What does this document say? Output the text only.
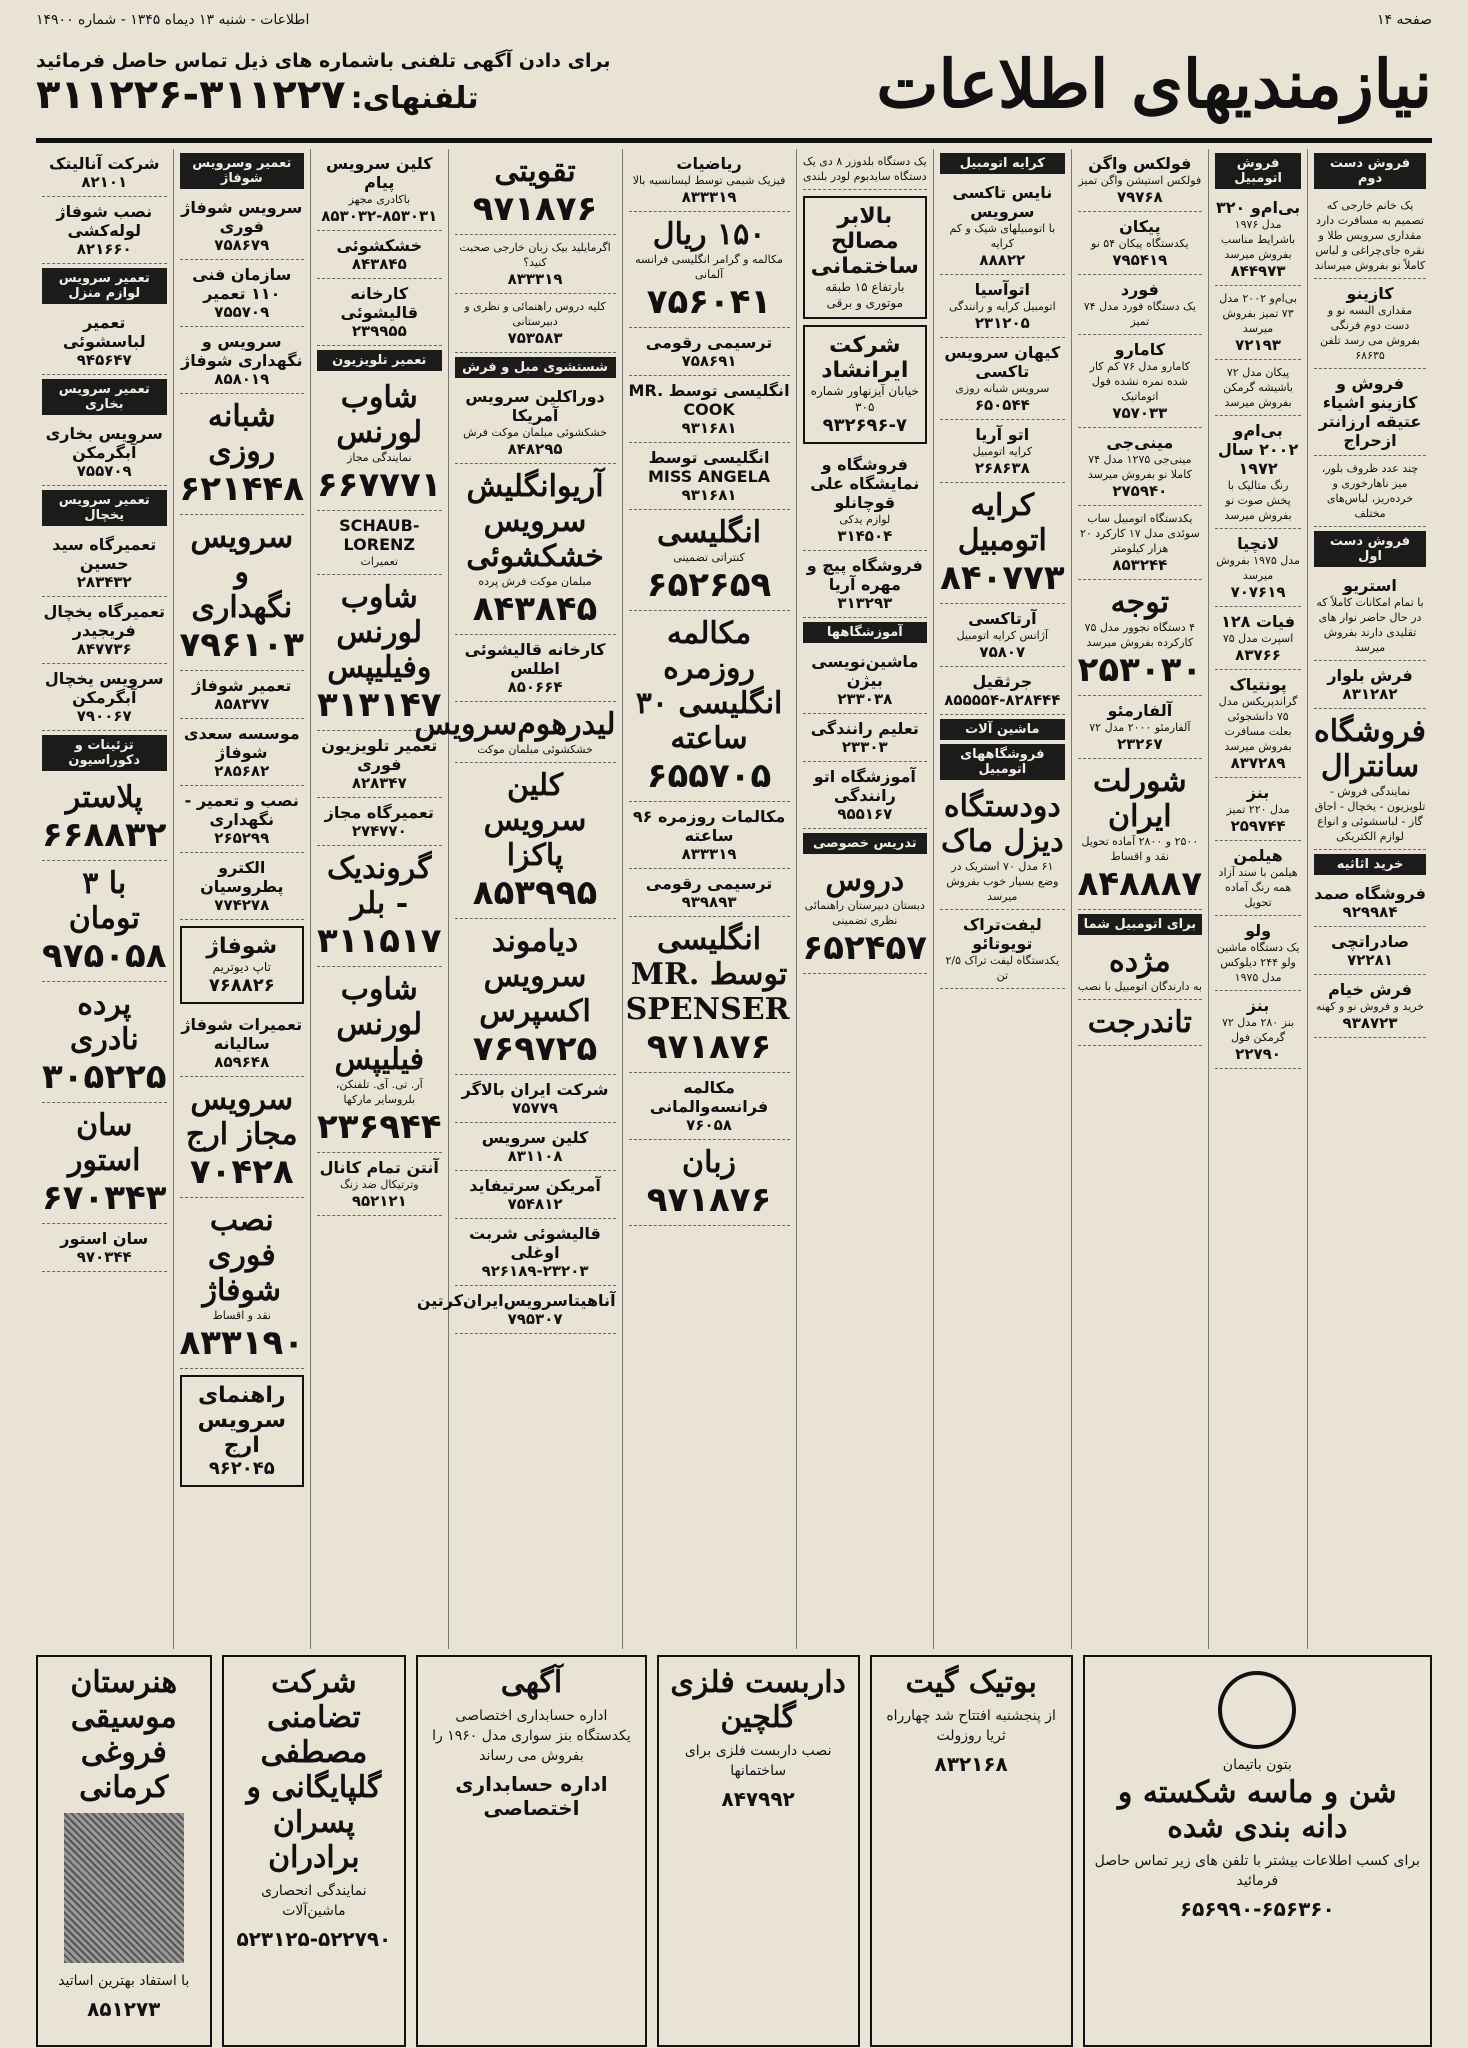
صفحه ۱۴
اطلاعات - شنبه ۱۳ دیماه ۱۳۴۵ - شماره ۱۴۹۰۰
نیازمندیهای اطلاعات
برای دادن آگهی تلفنی باشماره های ذیل تماس حاصل فرمائید
تلفنهای: ۳۱۱۲۲۶-۳۱۱۲۲۷
فروش دست دوم
یک خانم خارجی که تصمیم به مسافرت دارد مقداری سرویس طلا و نقره جای‌چراغی و لباس کاملاً نو بفروش میرساند
کازینو
مقداری البسه نو و دست دوم فرنگی بفروش می رسد تلفن ۶۸۶۳۵
فروش و کازینو اشیاء عتیقه ارزانتر ازحراج
چند عدد ظروف بلور، میز ناهارخوری و خرده‌ریز، لباس‌های مختلف
فروش دست اول
استریو
با تمام امکانات کاملاً که در حال حاضر نوار های تقلیدی دارند بفروش میرسد
فرش بلوار
۸۳۱۲۸۲
فروشگاه سانترال
نمایندگی فروش - تلویزیون - یخچال - اجاق گاز - لباسشوئی و انواع لوازم الکتریکی
خرید اثاثیه
فروشگاه صمد
۹۲۹۹۸۴
صادراتچی
۷۲۲۸۱
فرش خیام
خرید و فروش نو و کهنه
۹۳۸۷۲۳
فروش اتومبیل
بی‌ام‌و ۳۲۰
مدل ۱۹۷۶ باشرایط مناسب بفروش میرسد
۸۴۴۹۷۳
بی‌ام‌و ۲۰۰۲ مدل ۷۳ تمیز بفروش میرسد
۷۲۱۹۳
پیکان مدل ۷۲ باشیشه گرمکن بفروش میرسد
بی‌ام‌و ۲۰۰۲ سال ۱۹۷۲
رنگ متالیک با پخش صوت نو بفروش میرسد
لانچیا
مدل ۱۹۷۵ بفروش میرسد
۷۰۷۶۱۹
فیات ۱۲۸
اسپرت مدل ۷۵
۸۳۷۶۶
پونتیاک
گراندپریکس مدل ۷۵ دانشجوئی بعلت مسافرت بفروش میرسد
۸۳۷۲۸۹
بنز
مدل ۲۲۰ تمیز
۲۵۹۷۴۴
هیلمن
هیلمن با سند آزاد همه رنگ آماده تحویل
ولو
یک دستگاه ماشین ولو ۲۴۴ دیلوکس مدل ۱۹۷۵
بنز
بنز ۲۸۰ مدل ۷۲ گرمکن فول
۲۲۷۹۰
فولکس واگن
فولکس استیشن واگن تمیز
۷۹۷۶۸
پیکان
یکدستگاه پیکان ۵۴ نو
۷۹۵۴۱۹
فورد
یک دستگاه فورد مدل ۷۴ تمیز
کامارو
کامارو مدل ۷۶ کم کار شده نمره نشده فول اتوماتیک
۷۵۷۰۳۳
مینی‌جی
مینی‌جی ۱۲۷۵ مدل ۷۴ کاملا نو بفروش میرسد
۲۷۵۹۴۰
یکدستگاه اتومبیل ساب سوئدی مدل ۱۷ کارکرد ۲۰ هزار کیلومتر
۸۵۳۲۴۴
توجه
۴ دستگاه نجوور مدل ۷۵ کارکرده بفروش میرسد
۲۵۳۰۳۰
آلفارمئو
آلفارمئو ۲۰۰۰ مدل ۷۲
۲۳۲۶۷
شورلت ایران
۲۵۰۰ و ۲۸۰۰ آماده تحویل نقد و اقساط
۸۴۸۸۸۷
برای اتومبیل شما
مژده
به دارندگان اتومبیل با نصب
تاندرجت
کرایه اتومبیل
نایس تاکسی سرویس
با اتومبیلهای شیک و کم کرایه
۸۸۸۲۲
اتوآسیا
اتومبیل کرایه و رانندگی
۲۳۱۲۰۵
کیهان سرویس تاکسی
سرویس شبانه روزی
۶۵۰۵۴۴
اتو آریا
کرایه اتومبیل
۲۶۸۶۳۸
کرایه اتومبیل
۸۴۰۷۷۳
آرتاکسی
آژانس کرایه اتومبیل
۷۵۸۰۷
جرثقیل
۸۵۵۵۵۴-۸۲۸۴۴۴
ماشین آلات
فروشگاههای اتومبیل
دودستگاه دیزل ماک
۶۱ مدل ۷۰ استریک در وضع بسیار خوب بفروش میرسد
لیفت‌تراک تویوتائو
یکدستگاه لیفت تراک ۲/۵ تن
یک دستگاه بلدوزر ۸ دی یک دستگاه سایدبوم لودر بلندی
بالابر مصالح ساختمانی
بارتفاع ۱۵ طبقه موتوری و برقی
شرکت ایرانشاد
خیابان آیزنهاور شماره ۳۰۵
۹۳۲۶۹۶-۷
فروشگاه و نمایشگاه علی قوچانلو
لوازم یدکی
۳۱۴۵۰۴
فروشگاه پیچ و مهره آریا
۳۱۳۲۹۳
آموزشگاهها
ماشین‌نویسی بیژن
۲۳۳۰۳۸
تعلیم رانندگی
۲۳۳۰۳
آموزشگاه اتو رانندگی
۹۵۵۱۶۷
تدریس خصوصی
دروس
دبستان دبیرستان راهنمائی نظری تضمینی
۶۵۲۴۵۷
ریاضیات
فیزیک شیمی توسط لیسانسیه بالا
۸۳۳۳۱۹
۱۵۰ ریال
مکالمه و گرامر انگلیسی فرانسه آلمانی
۷۵۶۰۴۱
ترسیمی رقومی
۷۵۸۶۹۱
انگلیسی توسط MR. COOK
۹۳۱۶۸۱
انگلیسی توسط MISS ANGELA
۹۳۱۶۸۱
انگلیسی
کنتراتی تضمینی
۶۵۲۶۵۹
مکالمه روزمره انگلیسی ۳۰ ساعته
۶۵۵۷۰۵
مکالمات روزمره ۹۶ ساعته
۸۳۳۳۱۹
ترسیمی رقومی
۹۳۹۸۹۳
انگلیسی توسط MR. SPENSER
۹۷۱۸۷۶
مکالمه فرانسه‌والمانی
۷۶۰۵۸
زبان
۹۷۱۸۷۶
تقویتی
۹۷۱۸۷۶
اگرمایلید بیک زبان خارجی صحبت کنید؟
۸۳۳۳۱۹
کلیه دروس راهنمائی و نظری و دبیرستانی
۷۵۳۵۸۳
شستشوی مبل و فرش
دوراکلین سرویس آمریکا
خشکشوئی مبلمان موکت فرش
۸۴۸۲۹۵
آریوانگلیش سرویس خشکشوئی
مبلمان موکت فرش پرده
۸۴۳۸۴۵
کارخانه قالیشوئی اطلس
۸۵۰۶۶۴
لیدرهوم‌سرویس
خشکشوئی مبلمان موکت
کلین سرویس پاکزا
۸۵۳۹۹۵
دیاموند سرویس اکسپرس
۷۶۹۷۲۵
شرکت ایران بالاگر
۷۵۷۷۹
کلین سرویس
۸۳۱۱۰۸
آمریکن سرتیفاید
۷۵۴۸۱۲
قالیشوئی شربت اوغلی
۹۲۶۱۸۹-۲۳۲۰۳
آناهیتاسرویس‌ایران‌کرتین
۷۹۵۳۰۷
کلین سرویس پیام
باکادری مجهز
۸۵۳۰۳۲-۸۵۳۰۳۱
خشکشوئی
۸۴۳۸۴۵
کارخانه قالیشوئی
۲۳۹۹۵۵
تعمیر تلویزیون
شاوب لورنس
نمایندگی مجاز
۶۶۷۷۷۱
SCHAUB-LORENZ
تعمیرات
شاوب لورنس وفیلیپس
۳۱۳۱۴۷
تعمیر تلویزیون فوری
۸۲۸۳۴۷
تعمیرگاه مجاز
۲۷۴۷۷۰
گروندیک - بلر
۳۱۱۵۱۷
شاوب لورنس فیلیپس
آر. تی. آی. تلفنکن، بلروسایر مارکها
۲۳۶۹۴۴
آنتن تمام کانال
وترتیکال ضد زنگ
۹۵۲۱۲۱
تعمیر وسرویس شوفاژ
سرویس شوفاژ فوری
۷۵۸۶۷۹
سازمان فنی ۱۱۰ تعمیر
۷۵۵۷۰۹
سرویس و نگهداری شوفاژ
۸۵۸۰۱۹
شبانه روزی
۶۲۱۴۴۸
سرویس و نگهداری
۷۹۶۱۰۳
تعمیر شوفاژ
۸۵۸۳۷۷
موسسه سعدی شوفاژ
۲۸۵۶۸۲
نصب و تعمیر - نگهداری
۲۶۵۲۹۹
الکترو پطروسیان
۷۷۴۲۷۸
شوفاژ
تاپ دیوتریم
۷۶۸۸۲۶
تعمیرات شوفاژ سالیانه
۸۵۹۶۴۸
سرویس مجاز ارج
۷۰۴۲۸
نصب فوری شوفاژ
نقد و اقساط
۸۳۳۱۹۰
راهنمای سرویس ارج
۹۶۲۰۴۵
شرکت آنالیتک
۸۲۱۰۱
نصب شوفاژ لوله‌کشی
۸۲۱۶۶۰
تعمیر سرویس لوازم منزل
تعمیر لباسشوئی
۹۴۵۶۴۷
تعمیر سرویس بخاری
سرویس بخاری آبگرمکن
۷۵۵۷۰۹
تعمیر سرویس یخچال
تعمیرگاه سید حسین
۲۸۳۴۳۲
تعمیرگاه یخچال فریجیدر
۸۴۷۷۳۶
سرویس یخچال آبگرمکن
۷۹۰۰۶۷
تزئینات و دکوراسیون
پلاستر
۶۶۸۸۳۲
با ۳ تومان
۹۷۵۰۵۸
پرده نادری
۳۰۵۲۲۵
سان استور
۶۷۰۳۴۳
سان استور
۹۷۰۳۴۴
بتون باتیمان
شن و ماسه شکسته و دانه بندی شده
برای کسب اطلاعات بیشتر با تلفن های زیر تماس حاصل فرمائید
۶۵۶۹۹۰-۶۵۶۳۶۰
بوتیک گیت
از پنجشنبه افتتاح شد چهارراه ثریا روزولت
۸۳۲۱۶۸
داربست فلزی گلچین
نصب داربست فلزی برای ساختمانها
۸۴۷۹۹۲
آگهی
اداره حسابداری اختصاصی یکدستگاه بنز سواری مدل ۱۹۶۰ را بفروش می رساند
اداره حسابداری اختصاصی
شرکت تضامنی مصطفی گلپایگانی و پسران برادران
نمایندگی انحصاری ماشین‌آلات
۵۲۳۱۲۵-۵۲۲۷۹۰
هنرستان موسیقی فروغی کرمانی
با استفاد بهترین اساتید
۸۵۱۲۷۳
